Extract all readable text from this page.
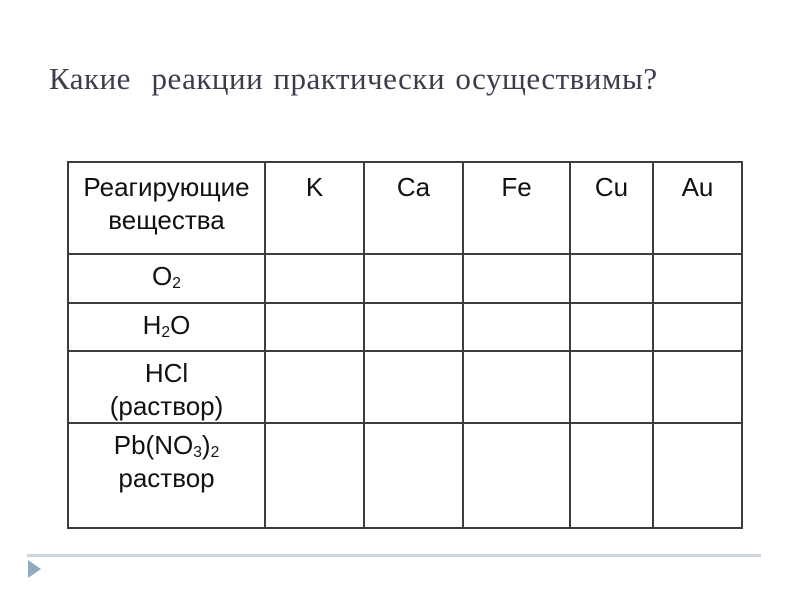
Какие  реакции практически осуществимы?
Реагирующие вещества	K	Ca	Fe	Cu	Au

$O_2$

$H_2O$					

HCl
(раствор)					

$Pb(NO_3)_2$
раствор					
